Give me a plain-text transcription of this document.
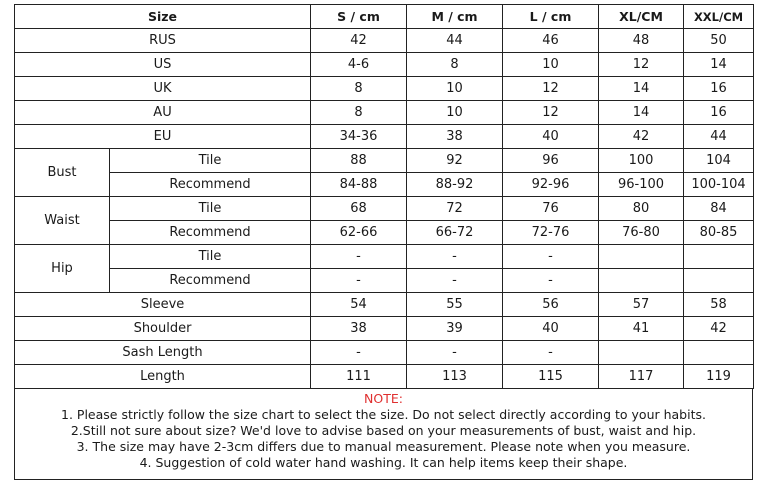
Size		S / cm	M / cm	L / cm	XL/CM	XXL/CM
RUS		42	44	46	48	50
US		4-6	8	10	12	14
UK		8	10	12	14	16
AU		8	10	12	14	16
EU		34-36	38	40	42	44
Bust	Tile	88	92	96	100	104
	Recommend	84-88	88-92	92-96	96-100	100-104
Waist	Tile	68	72	76	80	84
	Recommend	62-66	66-72	72-76	76-80	80-85
Hip	Tile	-	-	-		
	Recommend	-	-	-		
Sleeve		54	55	56	57	58
Shoulder		38	39	40	41	42
Sash Length		-	-	-		
Length		111	113	115	117	119
NOTE:
1. Please strictly follow the size chart to select the size. Do not select directly according to your habits.
2.Still not sure about size? We'd love to advise based on your measurements of bust, waist and hip.
3. The size may have 2-3cm differs due to manual measurement. Please note when you measure.
4. Suggestion of cold water hand washing. It can help items keep their shape.
